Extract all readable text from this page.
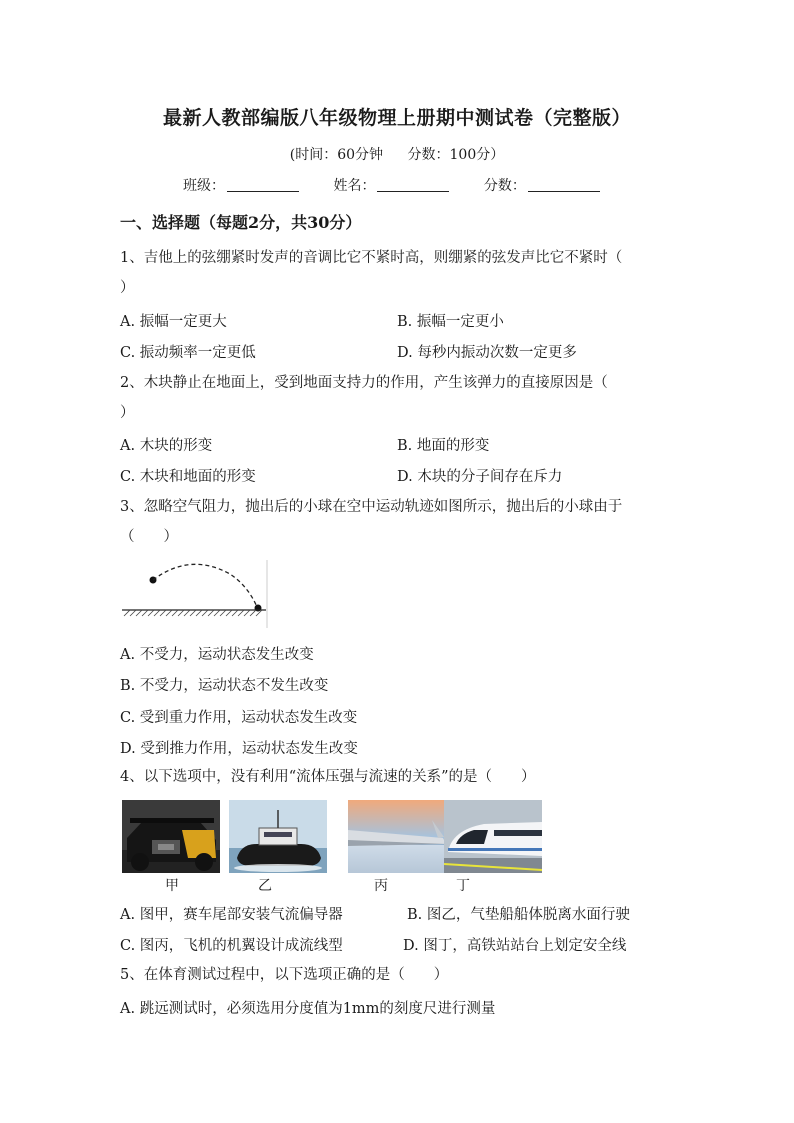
最新人教部编版八年级物理上册期中测试卷（完整版）
(时间：60分钟 分数：100分）
班级：	姓名：	分数：
一、选择题（每题2分，共30分）
1、吉他上的弦绷紧时发声的音调比它不紧时高，则绷紧的弦发声比它不紧时（
）
A. 振幅一定更大	B. 振幅一定更小
C. 振动频率一定更低	D. 每秒内振动次数一定更多
2、木块静止在地面上，受到地面支持力的作用，产生该弹力的直接原因是（
）
A. 木块的形变	B. 地面的形变
C. 木块和地面的形变	D. 木块的分子间存在斥力
3、忽略空气阻力，抛出后的小球在空中运动轨迹如图所示，抛出后的小球由于
（　　）
A. 不受力，运动状态发生改变
B. 不受力，运动状态不发生改变
C. 受到重力作用，运动状态发生改变
D. 受到推力作用，运动状态发生改变
4、以下选项中，没有利用“流体压强与流速的关系”的是（　　）
甲	乙	丙	丁
A. 图甲，赛车尾部安装气流偏导器	B. 图乙，气垫船船体脱离水面行驶
C. 图丙，飞机的机翼设计成流线型	D. 图丁，高铁站站台上划定安全线
5、在体育测试过程中，以下选项正确的是（　　）
A. 跳远测试时，必须选用分度值为1mm的刻度尺进行测量
